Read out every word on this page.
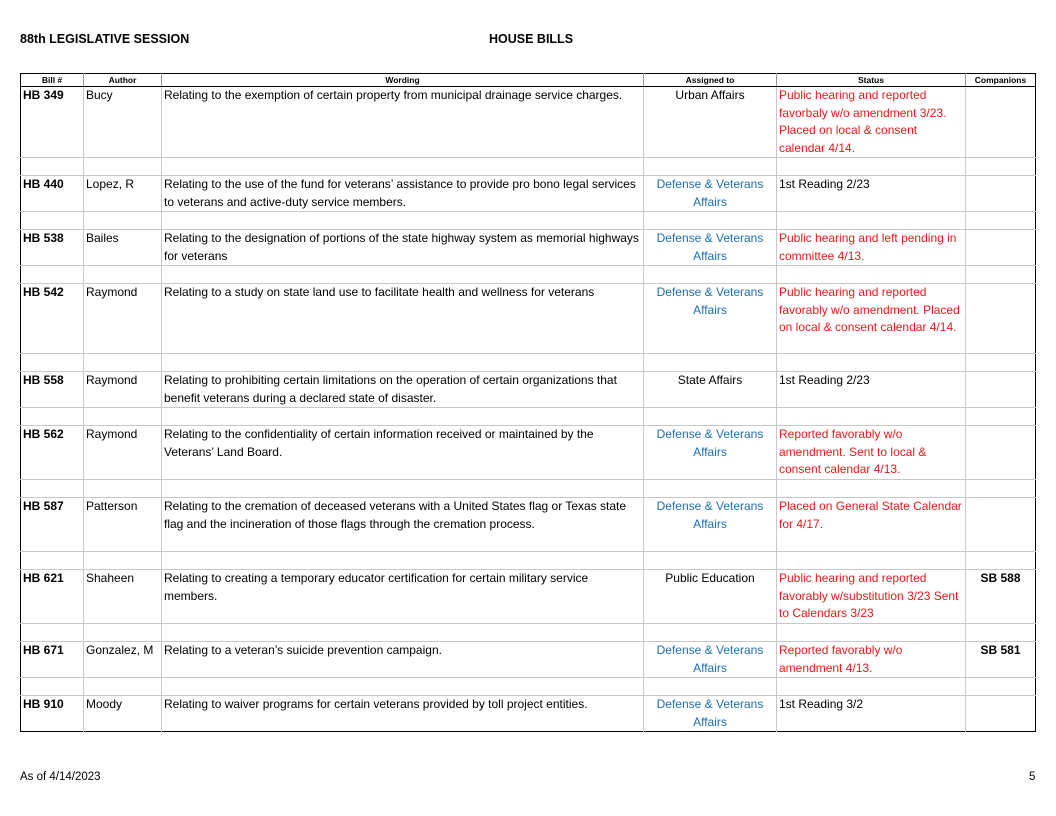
88th LEGISLATIVE SESSION	HOUSE BILLS
Bill #	Author	Wording	Assigned to	Status	Companions
HB 349	Bucy	Relating to the exemption of certain property from municipal drainage service charges.	Urban Affairs	Public hearing and reported favorbaly w/o amendment 3/23. Placed on local & consent calendar 4/14.	

HB 440	Lopez, R	Relating to the use of the fund for veterans’ assistance to provide pro bono legal services to veterans and active-duty service members.	Defense & Veterans Affairs	1st Reading 2/23	

HB 538	Bailes	Relating to the designation of portions of the state highway system as memorial highways for veterans	Defense & Veterans Affairs	Public hearing and left pending in committee 4/13.	

HB 542	Raymond	Relating to a study on state land use to facilitate health and wellness for veterans	Defense & Veterans Affairs	Public hearing and reported favorably w/o amendment. Placed on local & consent calendar 4/14.	

HB 558	Raymond	Relating to prohibiting certain limitations on the operation of certain organizations that benefit veterans during a declared state of disaster.	State Affairs	1st Reading 2/23	

HB 562	Raymond	Relating to the confidentiality of certain information received or maintained by the Veterans’ Land Board.	Defense & Veterans Affairs	Reported favorably w/o amendment. Sent to local & consent calendar 4/13.	

HB 587	Patterson	Relating to the cremation of deceased veterans with a United States flag or Texas state flag and the incineration of those flags through the cremation process.	Defense & Veterans Affairs	Placed on General State Calendar for 4/17.	

HB 621	Shaheen	Relating to creating a temporary educator certification for certain military service members.	Public Education	Public hearing and reported favorably w/substitution 3/23 Sent to Calendars 3/23	SB 588

HB 671	Gonzalez, M	Relating to a veteran’s suicide prevention campaign.	Defense & Veterans Affairs	Reported favorably w/o amendment 4/13.	SB 581

HB 910	Moody	Relating to waiver programs for certain veterans provided by toll project entities.	Defense & Veterans Affairs	1st Reading 3/2	
As of 4/14/2023	5
